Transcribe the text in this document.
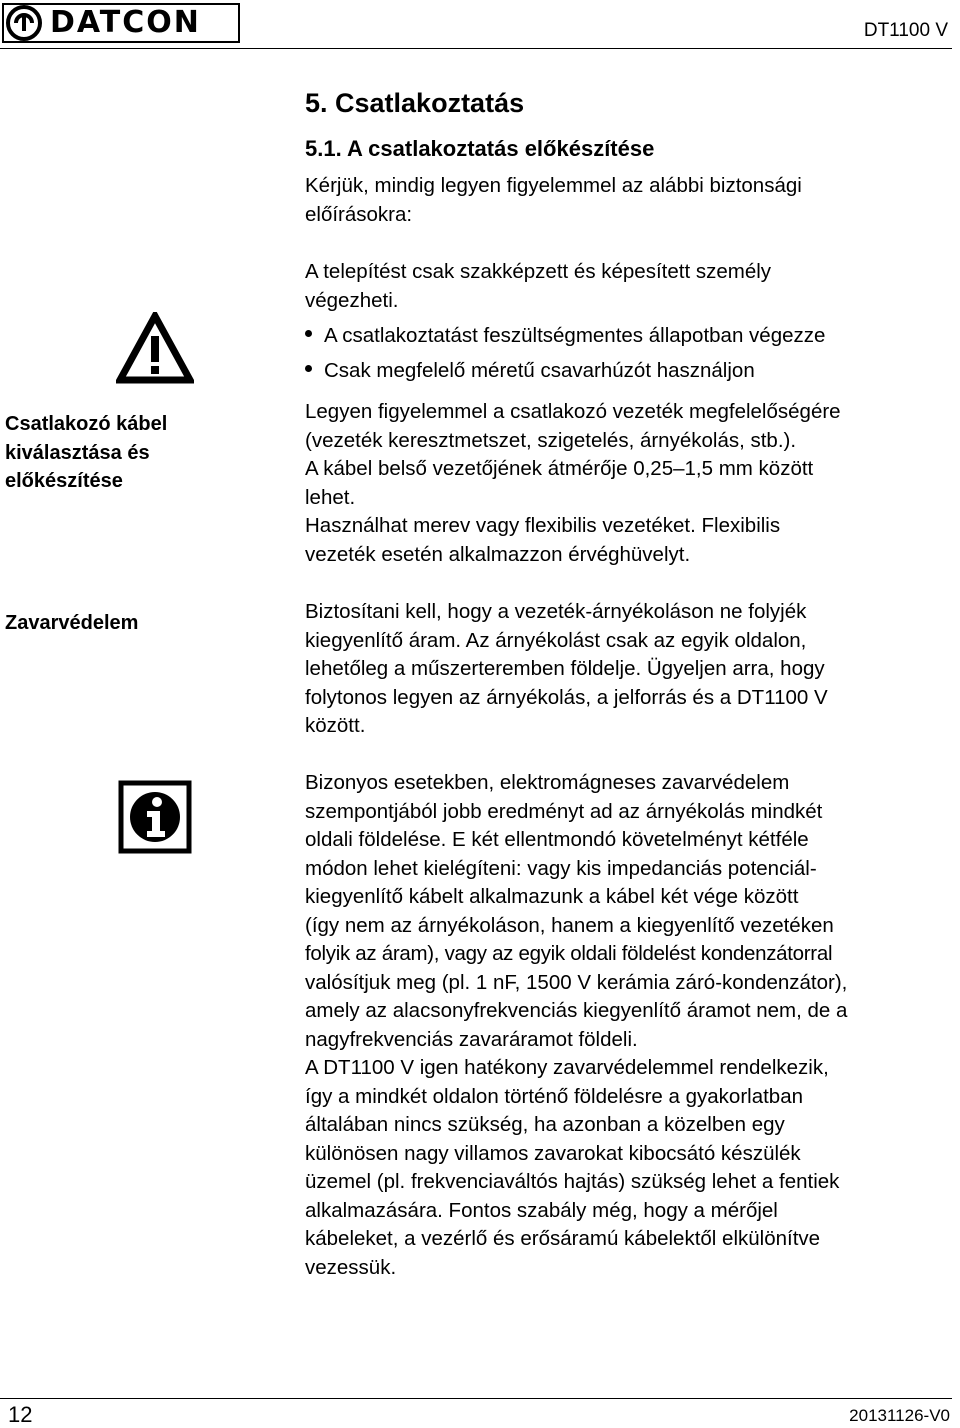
DATCON	DT1100 V
5. Csatlakoztatás
5.1. A csatlakoztatás előkészítése

Kérjük, mindig legyen figyelemmel az alábbi biztonsági

előírásokra:

A telepítést csak szakképzett és képesített személy

végezheti.

A csatlakoztatást feszültségmentes állapotban végezze
Csak megfelelő méretű csavarhúzót használjon
Csatlakozó kábel
kiválasztása és
előkészítése

Legyen figyelemmel a csatlakozó vezeték megfelelőségére

(vezeték keresztmetszet, szigetelés, árnyékolás, stb.).

A kábel belső vezetőjének átmérője 0,25–1,5 mm között

lehet.

Használhat merev vagy flexibilis vezetéket. Flexibilis

vezeték esetén alkalmazzon érvéghüvelyt.

Zavarvédelem	Biztosítani kell, hogy a vezeték-árnyékoláson ne folyjék

kiegyenlítő áram. Az árnyékolást csak az egyik oldalon,

lehetőleg a műszerteremben földelje. Ügyeljen arra, hogy

folytonos legyen az árnyékolás, a jelforrás és a DT1100 V

között.

Bizonyos esetekben, elektromágneses zavarvédelem

szempontjából jobb eredményt ad az árnyékolás mindkét

oldali földelése. E két ellentmondó követelményt kétféle

módon lehet kielégíteni: vagy kis impedanciás potenciál-

kiegyenlítő kábelt alkalmazunk a kábel két vége között

(így nem az árnyékoláson, hanem a kiegyenlítő vezetéken

folyik az áram), vagy az egyik oldali földelést kondenzátorral

valósítjuk meg (pl. 1 nF, 1500 V kerámia záró-kondenzátor),

amely az alacsonyfrekvenciás kiegyenlítő áramot nem, de a

nagyfrekvenciás zavaráramot földeli.

A DT1100 V igen hatékony zavarvédelemmel rendelkezik,

így a mindkét oldalon történő földelésre a gyakorlatban

általában nincs szükség, ha azonban a közelben egy

különösen nagy villamos zavarokat kibocsátó készülék

üzemel (pl. frekvenciaváltós hajtás) szükség lehet a fentiek

alkalmazására. Fontos szabály még, hogy a mérőjel

kábeleket, a vezérlő és erősáramú kábelektől elkülönítve

vezessük.

12	20131126-V0
